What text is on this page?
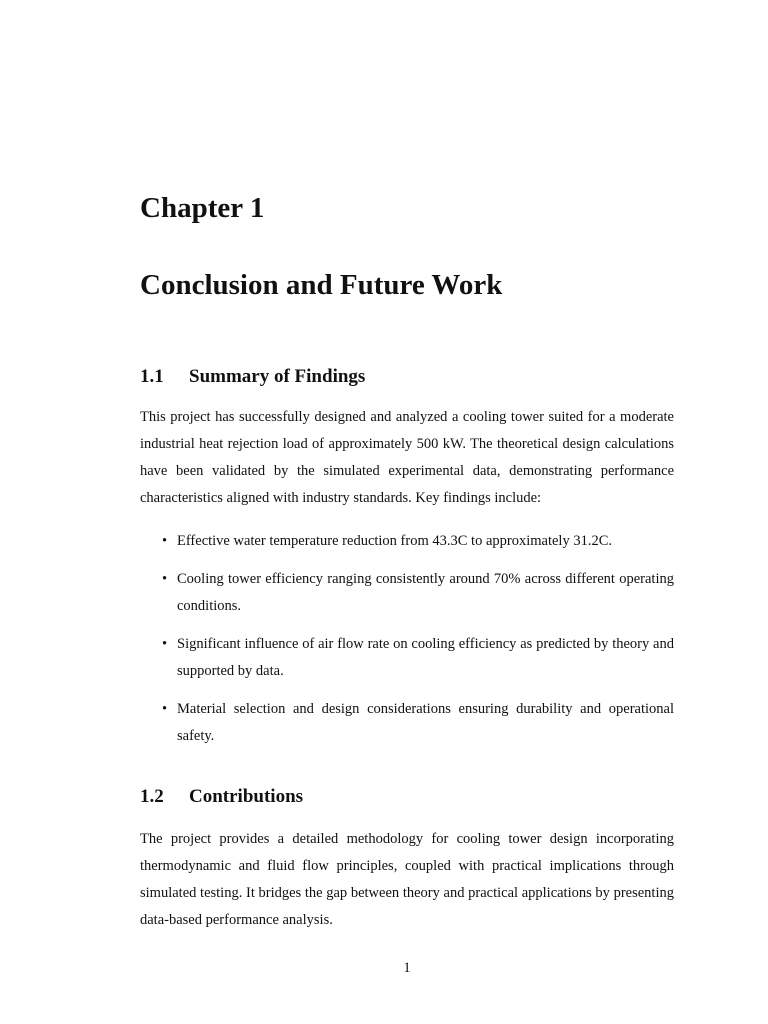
Chapter 1
Conclusion and Future Work
1.1 Summary of Findings

This project has successfully designed and analyzed a cooling tower suited for a moderate industrial heat rejection load of approximately 500 kW. The theoretical design calculations have been validated by the simulated experimental data, demonstrating performance characteristics aligned with industry standards. Key findings include:

• Effective water temperature reduction from 43.3C to approximately 31.2C.
• Cooling tower efficiency ranging consistently around 70% across different operating conditions.
• Significant influence of air flow rate on cooling efficiency as predicted by theory and supported by data.
• Material selection and design considerations ensuring durability and operational safety.
1.2 Contributions

The project provides a detailed methodology for cooling tower design incorporating thermodynamic and fluid flow principles, coupled with practical implications through simulated testing. It bridges the gap between theory and practical applications by presenting data-based performance analysis.

1
